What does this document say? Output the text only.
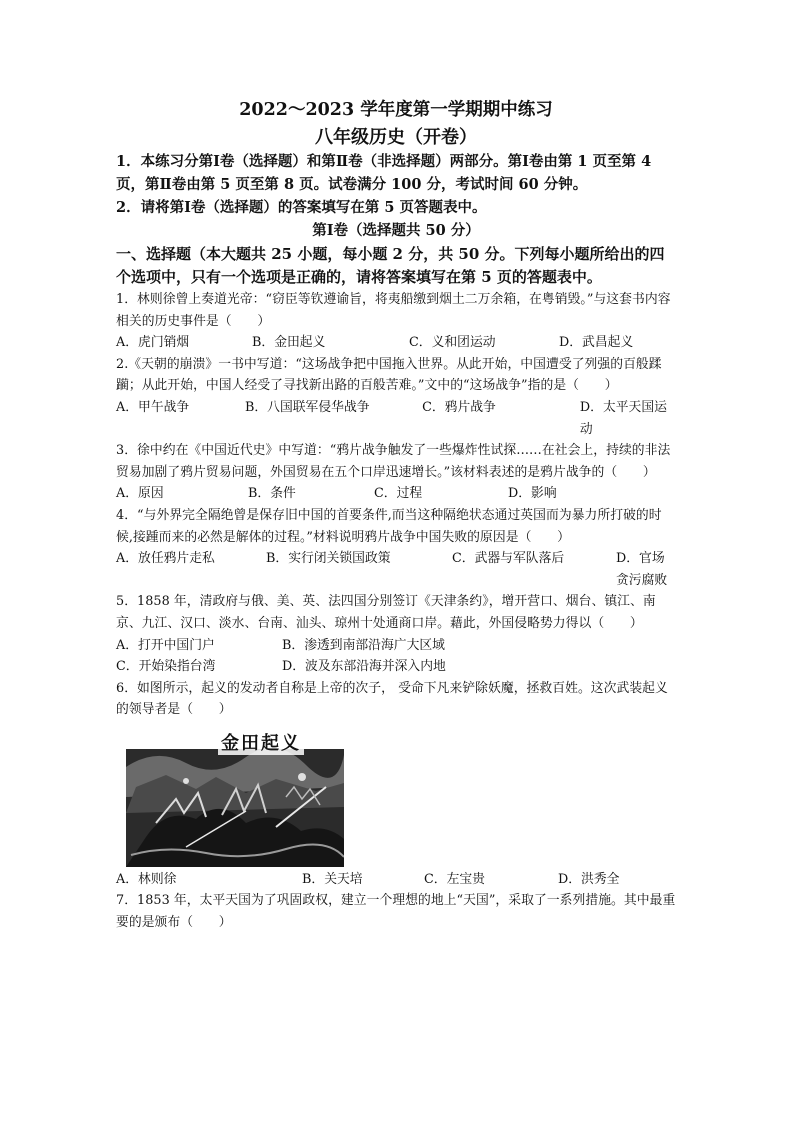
2022～2023 学年度第一学期期中练习

八年级历史（开卷）

1．本练习分第Ⅰ卷（选择题）和第Ⅱ卷（非选择题）两部分。第Ⅰ卷由第 1 页至第 4 页，第Ⅱ卷由第 5 页至第 8 页。试卷满分 100 分，考试时间 60 分钟。

2．请将第Ⅰ卷（选择题）的答案填写在第 5 页答题表中。

第Ⅰ卷（选择题共 50 分）

一、选择题（本大题共 25 小题，每小题 2 分，共 50 分。下列每小题所给出的四个选项中，只有一个选项是正确的，请将答案填写在第 5 页的答题表中。

1．林则徐曾上奏道光帝：“窃臣等钦遵谕旨，将夷船缴到烟土二万余箱，在粤销毁。”与这套书内容相关的历史事件是（　　）

A．虎门销烟	B．金田起义	C．义和团运动	D．武昌起义

2.《天朝的崩溃》一书中写道：“这场战争把中国拖入世界。从此开始，中国遭受了列强的百般蹂躏；从此开始，中国人经受了寻找新出路的百般苦难。”文中的“这场战争”指的是（　　）

A．甲午战争	B．八国联军侵华战争	C．鸦片战争	D．太平天国运动

3．徐中约在《中国近代史》中写道：“鸦片战争触发了一些爆炸性试探……在社会上，持续的非法贸易加剧了鸦片贸易问题，外国贸易在五个口岸迅速增长。”该材料表述的是鸦片战争的（　　）

A．原因	B．条件	C．过程	D．影响

4．“与外界完全隔绝曾是保存旧中国的首要条件,而当这种隔绝状态通过英国而为暴力所打破的时候,接踵而来的必然是解体的过程。”材料说明鸦片战争中国失败的原因是（　　）

A．放任鸦片走私	B．实行闭关锁国政策	C．武器与军队落后	D．官场贪污腐败

5．1858 年，清政府与俄、美、英、法四国分别签订《天津条约》，增开营口、烟台、镇江、南京、九江、汉口、淡水、台南、汕头、琼州十处通商口岸。藉此，外国侵略势力得以（　　）

A．打开中国门户	B．渗透到南部沿海广大区域
C．开始染指台湾	D．波及东部沿海并深入内地

6．如图所示，起义的发动者自称是上帝的次子， 受命下凡来铲除妖魔，拯救百姓。这次武装起义的领导者是（　　）

金田起义
A．林则徐	B．关天培	C．左宝贵	D．洪秀全

7．1853 年，太平天国为了巩固政权，建立一个理想的地上“天国”，采取了一系列措施。其中最重要的是颁布（　　）
